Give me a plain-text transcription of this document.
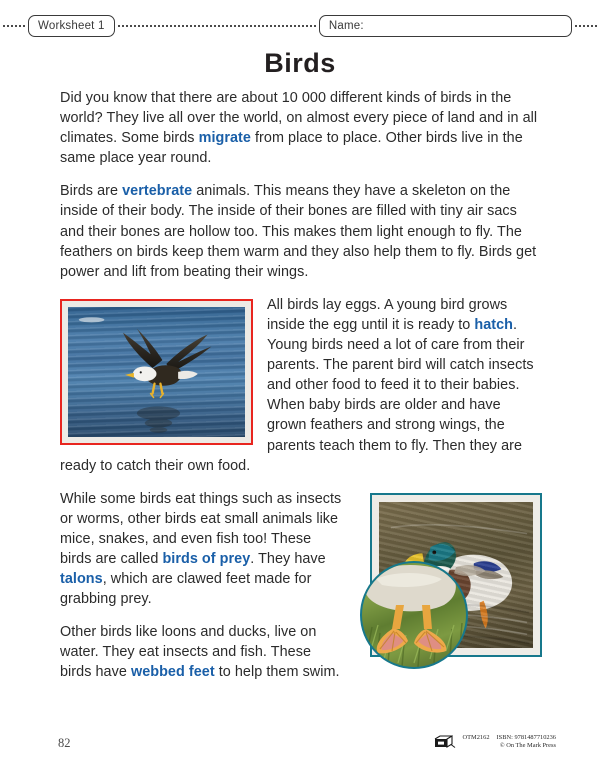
Worksheet 1	Name:
Birds

Did you know that there are about 10 000 different kinds of birds in the world? They live all over the world, on almost every piece of land and in all climates. Some birds migrate from place to place. Other birds live in the same place year round.

Birds are vertebrate animals. This means they have a skeleton on the inside of their body. The inside of their bones are filled with tiny air sacs and their bones are hollow too. This makes them light enough to fly. The feathers on birds keep them warm and they also help them to fly. Birds get power and lift from beating their wings.

All birds lay eggs. A young bird grows inside the egg until it is ready to hatch. Young birds need a lot of care from their parents. The parent bird will catch insects and other food to feed it to their babies. When baby birds are older and have grown feathers and strong wings, the parents teach them to fly. Then they are ready to catch their own food.

While some birds eat things such as insects or worms, other birds eat small animals like mice, snakes, and even fish too! These birds are called birds of prey. They have talons, which are clawed feet made for grabbing prey.

Other birds like loons and ducks, live on water. They eat insects and fish. These birds have webbed feet to help them swim.

82	OTM2162 ISBN: 9781487710236
© On The Mark Press
